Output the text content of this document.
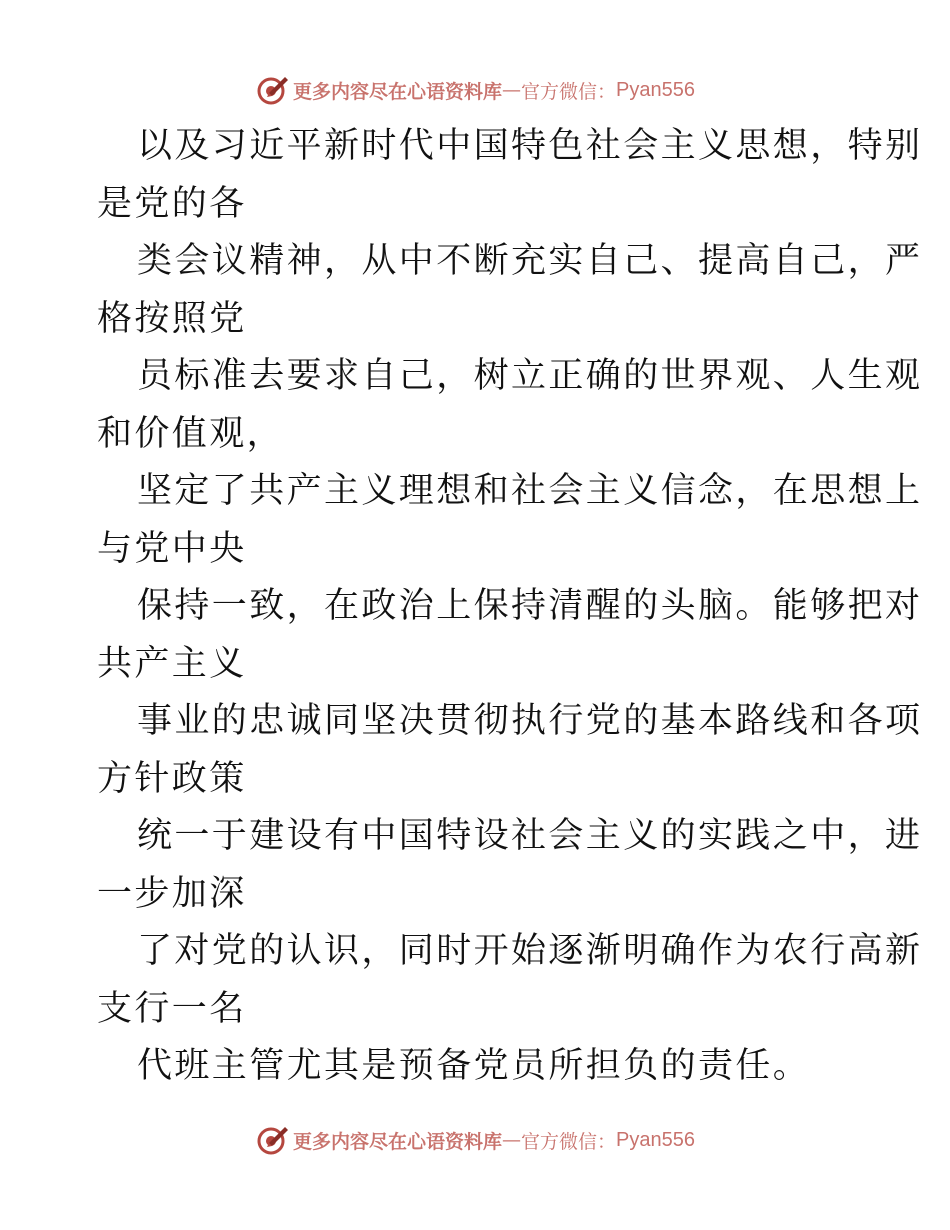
更多内容尽在心语资料库 — 官方微信： Pyan556

以及习近平新时代中国特色社会主义思想，特别

是党的各

类会议精神，从中不断充实自己、提高自己，严

格按照党

员标准去要求自己，树立正确的世界观、人生观

和价值观，

坚定了共产主义理想和社会主义信念，在思想上

与党中央

保持一致，在政治上保持清醒的头脑。能够把对

共产主义

事业的忠诚同坚决贯彻执行党的基本路线和各项

方针政策

统一于建设有中国特设社会主义的实践之中，进

一步加深

了对党的认识，同时开始逐渐明确作为农行高新

支行一名

代班主管尤其是预备党员所担负的责任。

更多内容尽在心语资料库 — 官方微信： Pyan556
